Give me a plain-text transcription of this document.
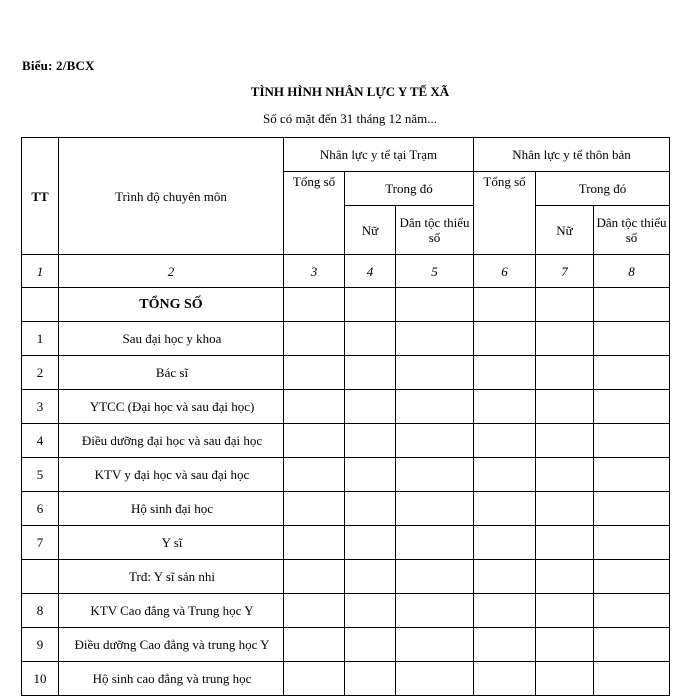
Biểu: 2/BCX
TÌNH HÌNH NHÂN LỰC Y TẾ XÃ
Số có mặt đến 31 tháng 12 năm...
TT	Trình độ chuyên môn	Nhân lực y tế tại Trạm			Nhân lực y tế thôn bản		
		Tổng số	Trong đó		Tổng số	Trong đó	
			Nữ	Dân tộc thiểu số		Nữ	Dân tộc thiểu số
1	2	3	4	5	6	7	8
	TỔNG SỐ						
1	Sau đại học y khoa						
2	Bác sĩ						
3	YTCC (Đại học và sau đại học)						
4	Điều dưỡng đại học và sau đại học						
5	KTV y đại học và sau đại học						
6	Hộ sinh đại học						
7	Y sĩ						
	Trđ: Y sĩ sản nhi						
8	KTV Cao đẳng và Trung học Y						
9	Điều dưỡng Cao đẳng và trung học Y						
10	Hộ sinh cao đẳng và trung học						
